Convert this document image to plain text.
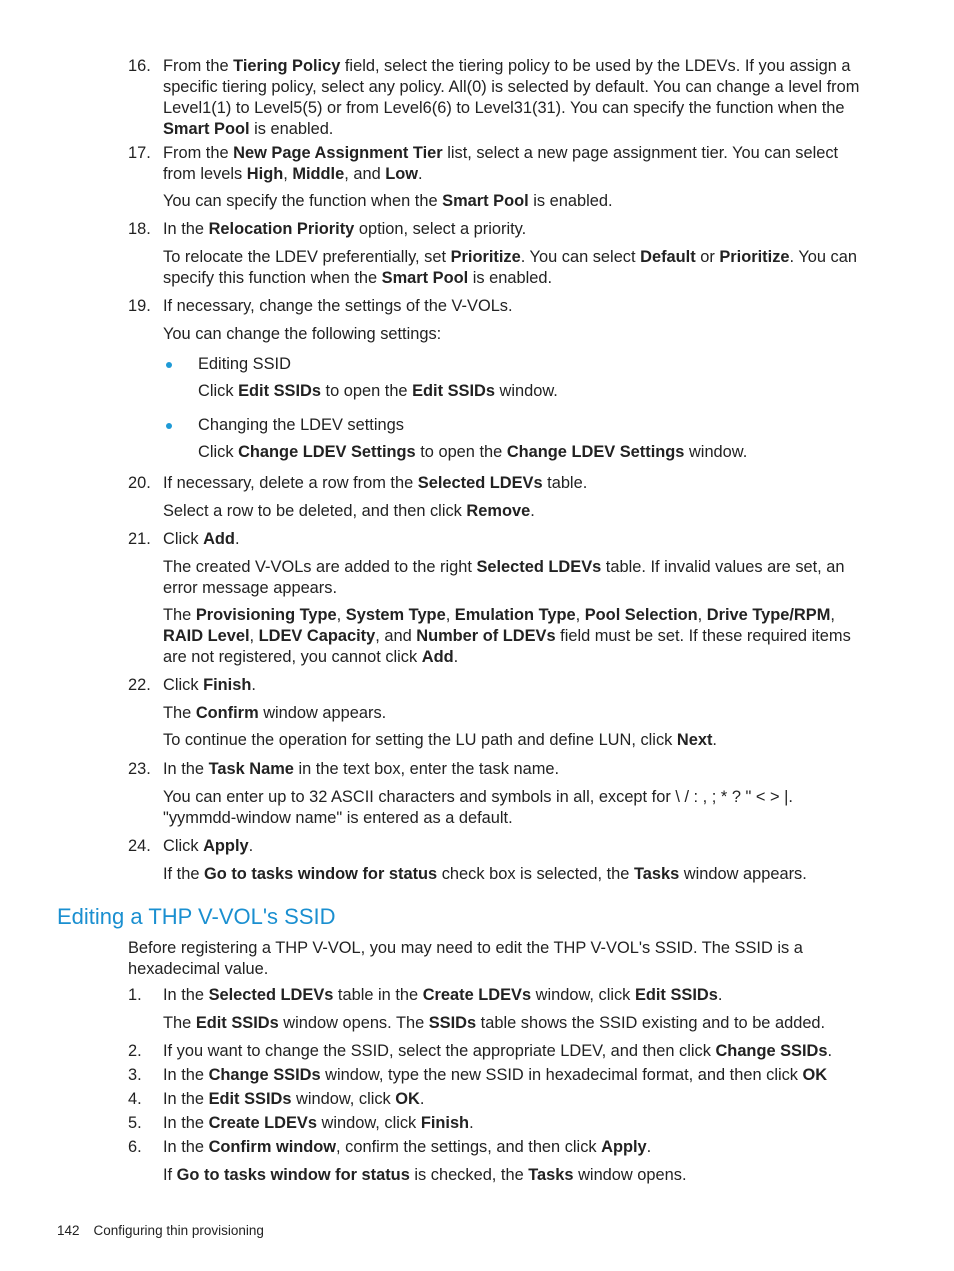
16. From the Tiering Policy field, select the tiering policy to be used by the LDEVs. If you assign a specific tiering policy, select any policy. All(0) is selected by default. You can change a level from Level1(1) to Level5(5) or from Level6(6) to Level31(31). You can specify the function when the Smart Pool is enabled.
17. From the New Page Assignment Tier list, select a new page assignment tier. You can select from levels High, Middle, and Low.
You can specify the function when the Smart Pool is enabled.
18. In the Relocation Priority option, select a priority.
To relocate the LDEV preferentially, set Prioritize. You can select Default or Prioritize. You can specify this function when the Smart Pool is enabled.
19. If necessary, change the settings of the V-VOLs.
You can change the following settings:
Editing SSID
Click Edit SSIDs to open the Edit SSIDs window.
Changing the LDEV settings
Click Change LDEV Settings to open the Change LDEV Settings window.
20. If necessary, delete a row from the Selected LDEVs table.
Select a row to be deleted, and then click Remove.
21. Click Add.
The created V-VOLs are added to the right Selected LDEVs table. If invalid values are set, an error message appears.
The Provisioning Type, System Type, Emulation Type, Pool Selection, Drive Type/RPM, RAID Level, LDEV Capacity, and Number of LDEVs field must be set. If these required items are not registered, you cannot click Add.
22. Click Finish.
The Confirm window appears.
To continue the operation for setting the LU path and define LUN, click Next.
23. In the Task Name in the text box, enter the task name.
You can enter up to 32 ASCII characters and symbols in all, except for \ / : , ; * ? " < > |. "yymmdd-window name" is entered as a default.
24. Click Apply.
If the Go to tasks window for status check box is selected, the Tasks window appears.
Editing a THP V-VOL's SSID
Before registering a THP V-VOL, you may need to edit the THP V-VOL's SSID. The SSID is a hexadecimal value.
1. In the Selected LDEVs table in the Create LDEVs window, click Edit SSIDs.
The Edit SSIDs window opens. The SSIDs table shows the SSID existing and to be added.
2. If you want to change the SSID, select the appropriate LDEV, and then click Change SSIDs.
3. In the Change SSIDs window, type the new SSID in hexadecimal format, and then click OK
4. In the Edit SSIDs window, click OK.
5. In the Create LDEVs window, click Finish.
6. In the Confirm window, confirm the settings, and then click Apply.
If Go to tasks window for status is checked, the Tasks window opens.
142 Configuring thin provisioning
